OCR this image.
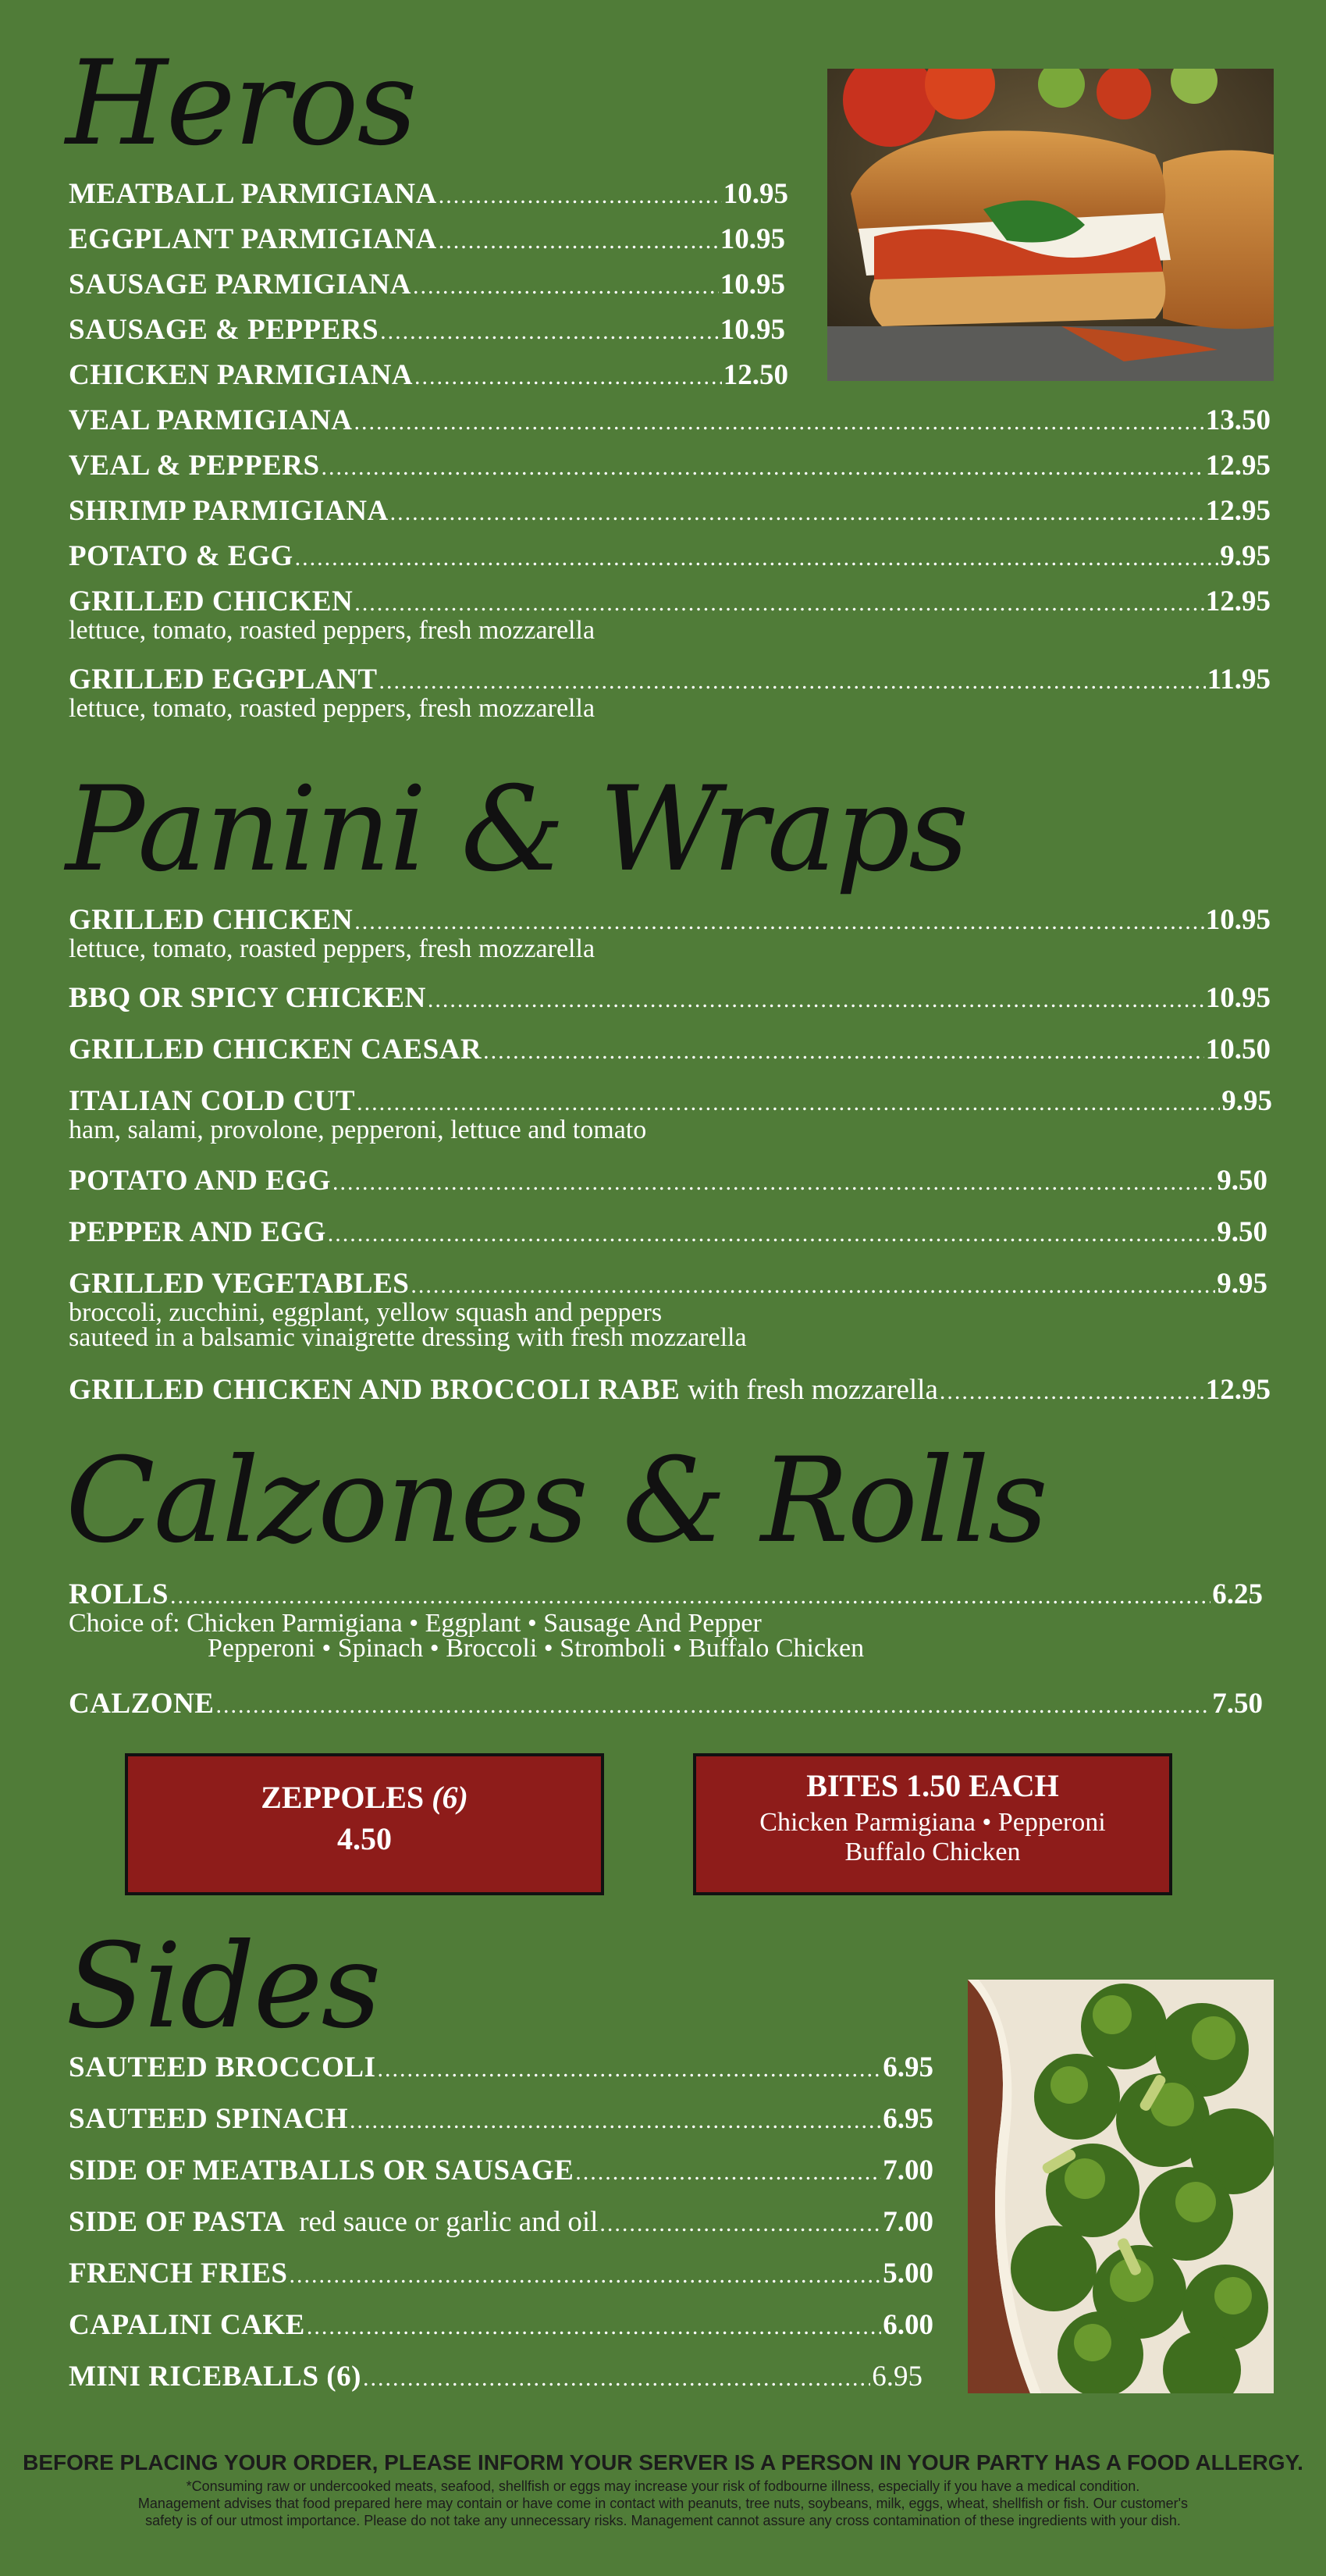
Heros
MEATBALL PARMIGIANA .....	10.95
EGGPLANT PARMIGIANA .....	10.95
SAUSAGE PARMIGIANA .....	10.95
SAUSAGE & PEPPERS .....	10.95
CHICKEN PARMIGIANA .....	12.50
VEAL PARMIGIANA .....	13.50
VEAL & PEPPERS .....	12.95
SHRIMP PARMIGIANA .....	12.95
POTATO & EGG .....	9.95
GRILLED CHICKEN .....	12.95
lettuce, tomato, roasted peppers, fresh mozzarella
GRILLED EGGPLANT .....	11.95
lettuce, tomato, roasted peppers, fresh mozzarella
Panini & Wraps
GRILLED CHICKEN .....	10.95
lettuce, tomato, roasted peppers, fresh mozzarella
BBQ OR SPICY CHICKEN .....	10.95
GRILLED CHICKEN CAESAR .....	10.50
ITALIAN COLD CUT .....	9.95
ham, salami, provolone, pepperoni, lettuce and tomato
POTATO AND EGG .....	9.50
PEPPER AND EGG .....	9.50
GRILLED VEGETABLES .....	9.95
broccoli, zucchini, eggplant, yellow squash and peppers
sauteed in a balsamic vinaigrette dressing with fresh mozzarella
GRILLED CHICKEN AND BROCCOLI RABE with fresh mozzarella .....	12.95
Calzones & Rolls
ROLLS .....	6.25
Choice of: Chicken Parmigiana • Eggplant • Sausage And Pepper
Pepperoni • Spinach • Broccoli • Stromboli • Buffalo Chicken
CALZONE .....	7.50
ZEPPOLES (6)
4.50
BITES 1.50 EACH
Chicken Parmigiana • Pepperoni
Buffalo Chicken
Sides
SAUTEED BROCCOLI .....	6.95
SAUTEED SPINACH .....	6.95
SIDE OF MEATBALLS OR SAUSAGE .....	7.00
SIDE OF PASTA red sauce or garlic and oil .....	7.00
FRENCH FRIES .....	5.00
CAPALINI CAKE .....	6.00
MINI RICEBALLS (6) .....	6.95
BEFORE PLACING YOUR ORDER, PLEASE INFORM YOUR SERVER IS A PERSON IN YOUR PARTY HAS A FOOD ALLERGY.
*Consuming raw or undercooked meats, seafood, shellfish or eggs may increase your risk of fodbourne illness, especially if you have a medical condition.
Management advises that food prepared here may contain or have come in contact with peanuts, tree nuts, soybeans, milk, eggs, wheat, shellfish or fish. Our customer's
safety is of our utmost importance. Please do not take any unnecessary risks. Management cannot assure any cross contamination of these ingredients with your dish.
